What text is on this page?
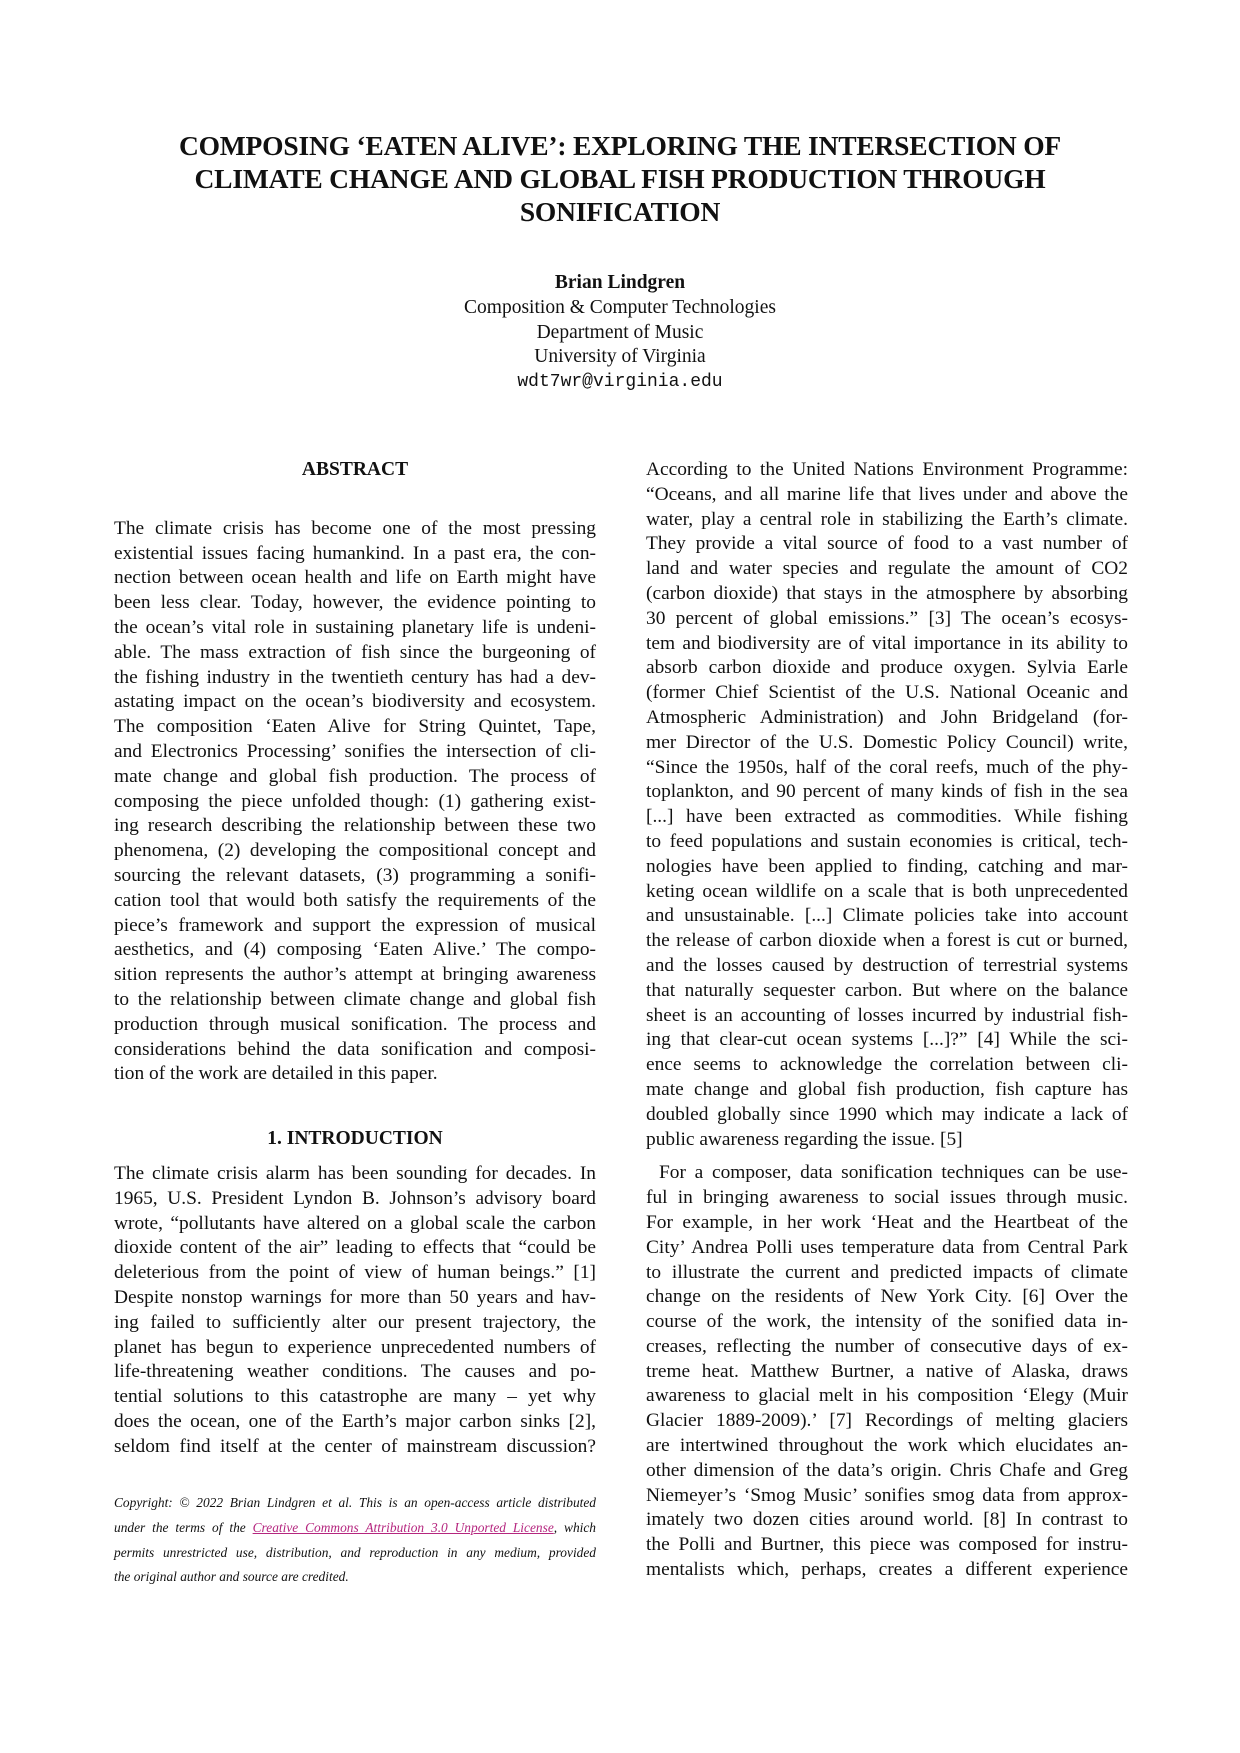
COMPOSING ‘EATEN ALIVE’: EXPLORING THE INTERSECTION OF
CLIMATE CHANGE AND GLOBAL FISH PRODUCTION THROUGH
SONIFICATION
Brian Lindgren
Composition & Computer Technologies
Department of Music
University of Virginia
wdt7wr@virginia.edu
ABSTRACT
The climate crisis has become one of the most pressing
existential issues facing humankind. In a past era, the con-
nection between ocean health and life on Earth might have
been less clear. Today, however, the evidence pointing to
the ocean’s vital role in sustaining planetary life is undeni-
able. The mass extraction of fish since the burgeoning of
the fishing industry in the twentieth century has had a dev-
astating impact on the ocean’s biodiversity and ecosystem.
The composition ‘Eaten Alive for String Quintet, Tape,
and Electronics Processing’ sonifies the intersection of cli-
mate change and global fish production. The process of
composing the piece unfolded though: (1) gathering exist-
ing research describing the relationship between these two
phenomena, (2) developing the compositional concept and
sourcing the relevant datasets, (3) programming a sonifi-
cation tool that would both satisfy the requirements of the
piece’s framework and support the expression of musical
aesthetics, and (4) composing ‘Eaten Alive.’ The compo-
sition represents the author’s attempt at bringing awareness
to the relationship between climate change and global fish
production through musical sonification. The process and
considerations behind the data sonification and composi-
tion of the work are detailed in this paper.
1. INTRODUCTION
The climate crisis alarm has been sounding for decades. In
1965, U.S. President Lyndon B. Johnson’s advisory board
wrote, “pollutants have altered on a global scale the carbon
dioxide content of the air” leading to effects that “could be
deleterious from the point of view of human beings.” [1]
Despite nonstop warnings for more than 50 years and hav-
ing failed to sufficiently alter our present trajectory, the
planet has begun to experience unprecedented numbers of
life-threatening weather conditions. The causes and po-
tential solutions to this catastrophe are many – yet why
does the ocean, one of the Earth’s major carbon sinks [2],
seldom find itself at the center of mainstream discussion?
Copyright: © 2022 Brian Lindgren et al. This is an open-access article distributed
under the terms of the Creative Commons Attribution 3.0 Unported License, which
permits unrestricted use, distribution, and reproduction in any medium, provided
the original author and source are credited.
According to the United Nations Environment Programme:
“Oceans, and all marine life that lives under and above the
water, play a central role in stabilizing the Earth’s climate.
They provide a vital source of food to a vast number of
land and water species and regulate the amount of CO2
(carbon dioxide) that stays in the atmosphere by absorbing
30 percent of global emissions.” [3] The ocean’s ecosys-
tem and biodiversity are of vital importance in its ability to
absorb carbon dioxide and produce oxygen. Sylvia Earle
(former Chief Scientist of the U.S. National Oceanic and
Atmospheric Administration) and John Bridgeland (for-
mer Director of the U.S. Domestic Policy Council) write,
“Since the 1950s, half of the coral reefs, much of the phy-
toplankton, and 90 percent of many kinds of fish in the sea
[...] have been extracted as commodities. While fishing
to feed populations and sustain economies is critical, tech-
nologies have been applied to finding, catching and mar-
keting ocean wildlife on a scale that is both unprecedented
and unsustainable. [...] Climate policies take into account
the release of carbon dioxide when a forest is cut or burned,
and the losses caused by destruction of terrestrial systems
that naturally sequester carbon. But where on the balance
sheet is an accounting of losses incurred by industrial fish-
ing that clear-cut ocean systems [...]?” [4] While the sci-
ence seems to acknowledge the correlation between cli-
mate change and global fish production, fish capture has
doubled globally since 1990 which may indicate a lack of
public awareness regarding the issue. [5]
For a composer, data sonification techniques can be use-
ful in bringing awareness to social issues through music.
For example, in her work ‘Heat and the Heartbeat of the
City’ Andrea Polli uses temperature data from Central Park
to illustrate the current and predicted impacts of climate
change on the residents of New York City. [6] Over the
course of the work, the intensity of the sonified data in-
creases, reflecting the number of consecutive days of ex-
treme heat. Matthew Burtner, a native of Alaska, draws
awareness to glacial melt in his composition ‘Elegy (Muir
Glacier 1889-2009).’ [7] Recordings of melting glaciers
are intertwined throughout the work which elucidates an-
other dimension of the data’s origin. Chris Chafe and Greg
Niemeyer’s ‘Smog Music’ sonifies smog data from approx-
imately two dozen cities around world. [8] In contrast to
the Polli and Burtner, this piece was composed for instru-
mentalists which, perhaps, creates a different experience
